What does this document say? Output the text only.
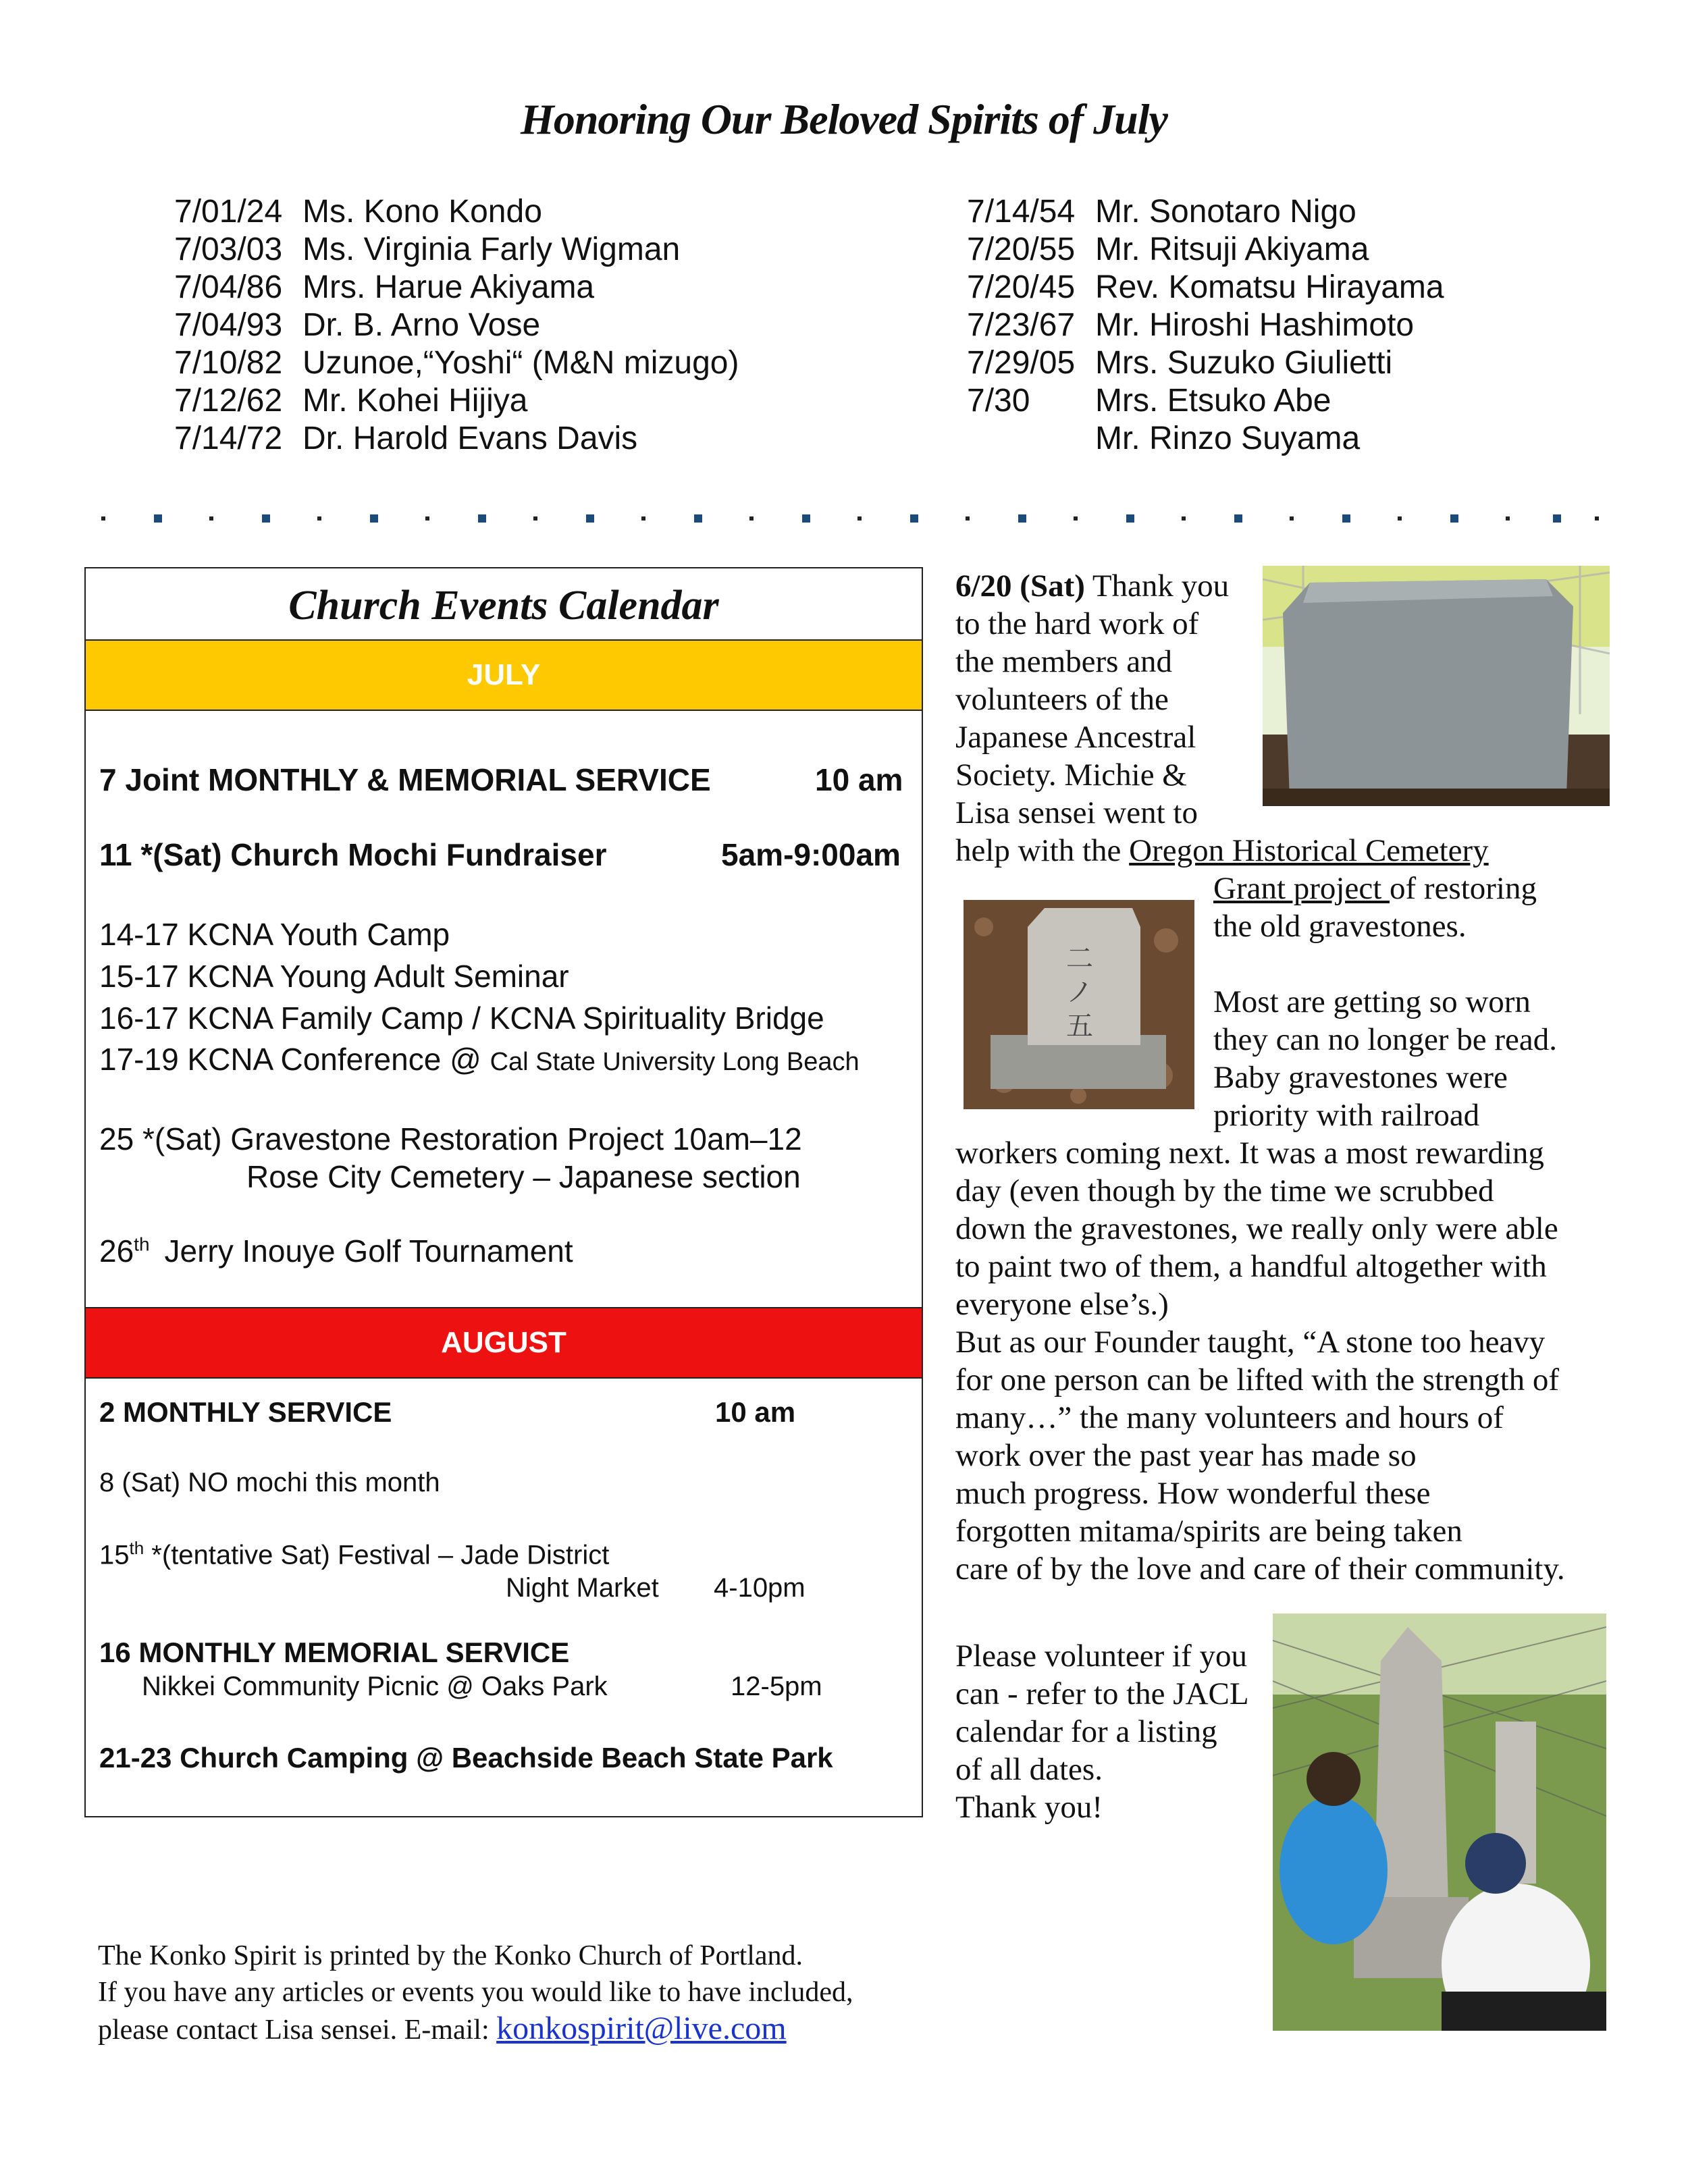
Honoring Our Beloved Spirits of July
7/01/24 Ms. Kono Kondo
7/03/03 Ms. Virginia Farly Wigman
7/04/86 Mrs. Harue Akiyama
7/04/93 Dr. B. Arno Vose
7/10/82 Uzunoe,“Yoshi“ (M&N mizugo)
7/12/62 Mr. Kohei Hijiya
7/14/72 Dr. Harold Evans Davis
7/14/54 Mr. Sonotaro Nigo
7/20/55 Mr. Ritsuji Akiyama
7/20/45 Rev. Komatsu Hirayama
7/23/67 Mr. Hiroshi Hashimoto
7/29/05 Mrs. Suzuko Giulietti
7/30 Mrs. Etsuko Abe
Mr. Rinzo Suyama
Church Events Calendar
JULY
7 Joint MONTHLY & MEMORIAL SERVICE	10 am
11 *(Sat) Church Mochi Fundraiser	5am-9:00am
14-17 KCNA Youth Camp
15-17 KCNA Young Adult Seminar
16-17 KCNA Family Camp / KCNA Spirituality Bridge
17-19 KCNA Conference @ Cal State University Long Beach
25 *(Sat) Gravestone Restoration Project 10am–12
Rose City Cemetery – Japanese section
26th Jerry Inouye Golf Tournament
AUGUST
2 MONTHLY SERVICE	10 am
8 (Sat) NO mochi this month
15th *(tentative Sat) Festival – Jade District
Night Market 4-10pm
16 MONTHLY MEMORIAL SERVICE
Nikkei Community Picnic @ Oaks Park	12-5pm
21-23 Church Camping @ Beachside Beach State Park
二
ノ
五
6/20 (Sat) Thank you
to the hard work of
the members and
volunteers of the
Japanese Ancestral
Society. Michie &
Lisa sensei went to
help with the Oregon Historical Cemetery
Grant project of restoring
the old gravestones.
Most are getting so worn
they can no longer be read.
Baby gravestones were
priority with railroad
workers coming next. It was a most rewarding
day (even though by the time we scrubbed
down the gravestones, we really only were able
to paint two of them, a handful altogether with
everyone else’s.)
But as our Founder taught, “A stone too heavy
for one person can be lifted with the strength of
many…” the many volunteers and hours of
work over the past year has made so
much progress. How wonderful these
forgotten mitama/spirits are being taken
care of by the love and care of their community.
Please volunteer if you
can - refer to the JACL
calendar for a listing
of all dates.
Thank you!
The Konko Spirit is printed by the Konko Church of Portland.
If you have any articles or events you would like to have included,
please contact Lisa sensei. E-mail: konkospirit@live.com
